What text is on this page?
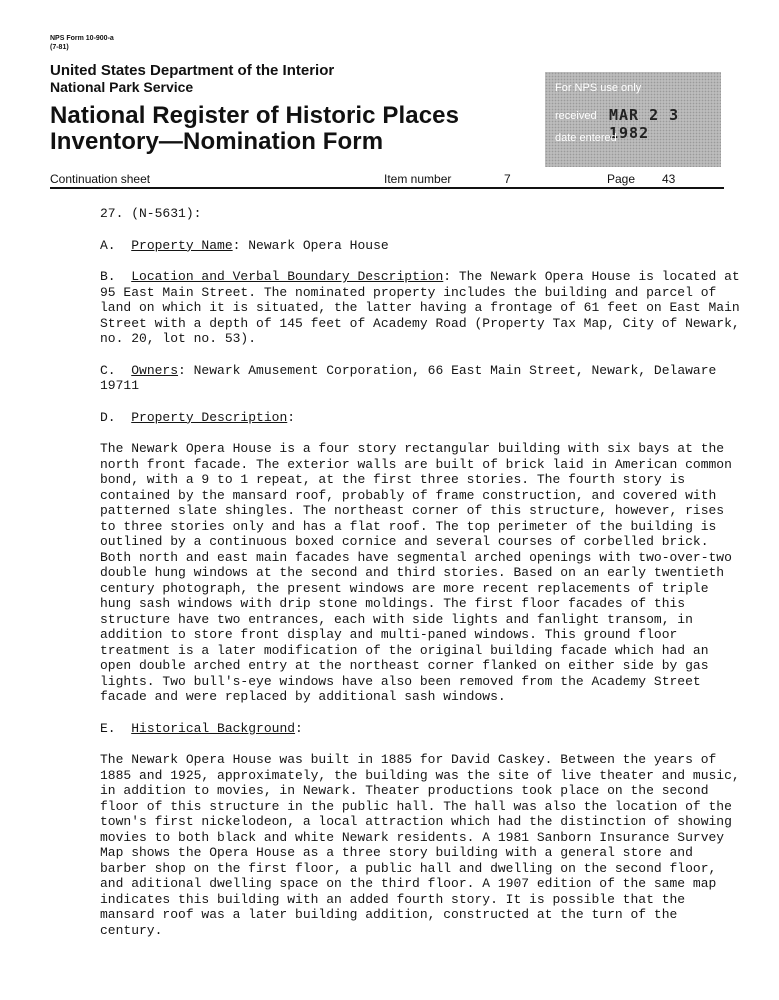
NPS Form 10-900-a
(7-81)
United States Department of the Interior
National Park Service
National Register of Historic Places
Inventory—Nomination Form
For NPS use only
received MAR 2 3 1982
date entered
Continuation sheet	Item number	7	Page 43

27. (N-5631):

A. Property Name: Newark Opera House

B. Location and Verbal Boundary Description: The Newark Opera House is located at 95 East Main Street. The nominated property includes the building and parcel of land on which it is situated, the latter having a frontage of 61 feet on East Main Street with a depth of 145 feet of Academy Road (Property Tax Map, City of Newark, no. 20, lot no. 53).

C. Owners: Newark Amusement Corporation, 66 East Main Street, Newark, Delaware 19711

D. Property Description:

The Newark Opera House is a four story rectangular building with six bays at the north front facade. The exterior walls are built of brick laid in American common bond, with a 9 to 1 repeat, at the first three stories. The fourth story is contained by the mansard roof, probably of frame construction, and covered with patterned slate shingles. The northeast corner of this structure, however, rises to three stories only and has a flat roof. The top perimeter of the building is outlined by a continuous boxed cornice and several courses of corbelled brick. Both north and east main facades have segmental arched openings with two-over-two double hung windows at the second and third stories. Based on an early twentieth century photograph, the present windows are more recent replacements of triple hung sash windows with drip stone moldings. The first floor facades of this structure have two entrances, each with side lights and fanlight transom, in addition to store front display and multi-paned windows. This ground floor treatment is a later modification of the original building facade which had an open double arched entry at the northeast corner flanked on either side by gas lights. Two bull's-eye windows have also been removed from the Academy Street facade and were replaced by additional sash windows.

E. Historical Background:

The Newark Opera House was built in 1885 for David Caskey. Between the years of 1885 and 1925, approximately, the building was the site of live theater and music, in addition to movies, in Newark. Theater productions took place on the second floor of this structure in the public hall. The hall was also the location of the town's first nickelodeon, a local attraction which had the distinction of showing movies to both black and white Newark residents. A 1981 Sanborn Insurance Survey Map shows the Opera House as a three story building with a general store and barber shop on the first floor, a public hall and dwelling on the second floor, and aditional dwelling space on the third floor. A 1907 edition of the same map indicates this building with an added fourth story. It is possible that the mansard roof was a later building addition, constructed at the turn of the century.
